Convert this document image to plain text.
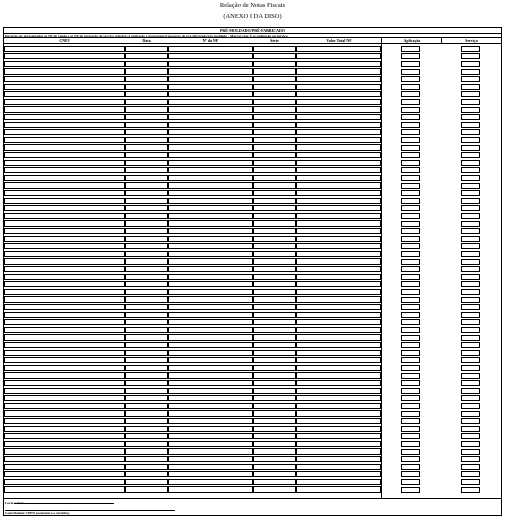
Relação de Notas Fiscais
(ANEXO I DA DISO)
PRÉ-MOLDADO/PRÉ-FABRICADO
Deverão ser apresentadas as NF de venda e as NF de prestação de serviço relativas à aplicação e montagem/transporte do pré-fabricado/pré-moldado - Marcar com X se Aplicação ou Serviço
CNPJ	Data	Nº da NF	Série	Valor Total NF	Aplicação	Serviço
Local e data:
Contribuinte CEPD (assinatura e carimbo)
